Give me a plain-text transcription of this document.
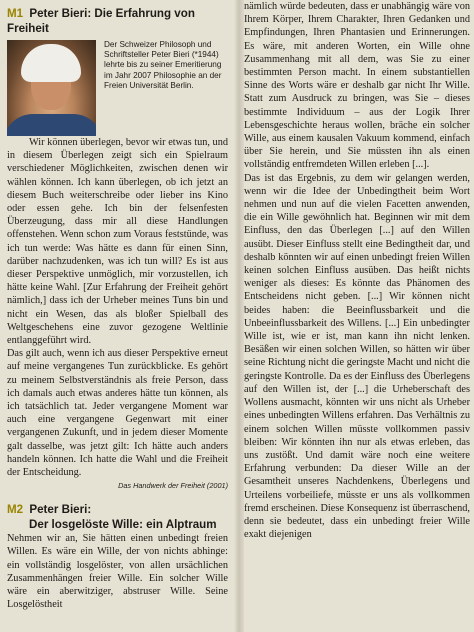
M1 Peter Bieri: Die Erfahrung von Freiheit
Der Schweizer Philosoph und Schriftsteller Peter Bieri (*1944) lehrte bis zu seiner Emeritierung im Jahr 2007 Philosophie an der Freien Universität Berlin.

Wir können überlegen, bevor wir etwas tun, und in diesem Überlegen zeigt sich ein Spielraum verschiedener Möglichkeiten, zwischen denen wir wählen können. Ich kann überlegen, ob ich jetzt an diesem Buch weiterschreibe oder lieber ins Kino oder essen gehe. Ich bin der felsenfesten Überzeugung, dass mir all diese Handlungen offenstehen. Wenn schon zum Voraus feststünde, was ich tun werde: Was hätte es dann für einen Sinn, darüber nachzudenken, was ich tun will? Es ist aus dieser Perspektive unmöglich, mir vorzustellen, ich hätte keine Wahl. [Zur Erfahrung der Freiheit gehört nämlich,] dass ich der Urheber meines Tuns bin und nicht ein Wesen, das als bloßer Spielball des Weltgeschehens eine zuvor gezogene Weltlinie entlanggeführt wird.

Das gilt auch, wenn ich aus dieser Perspektive erneut auf meine vergangenes Tun zurückblicke. Es gehört zu meinem Selbstverständnis als freie Person, dass ich damals auch etwas anderes hätte tun können, als ich tatsächlich tat. Jeder vergangene Moment war auch eine vergangene Gegenwart mit einer vergangenen Zukunft, und in jedem dieser Momente galt dasselbe, was jetzt gilt: Ich hätte auch anders handeln können. Ich hatte die Wahl und die Freiheit der Entscheidung.

Das Handwerk der Freiheit (2001)
M2 Peter Bieri:
Der losgelöste Wille: ein Alptraum

Nehmen wir an, Sie hätten einen unbedingt freien Willen. Es wäre ein Wille, der von nichts abhinge: ein vollständig losgelöster, von allen ursächlichen Zusammenhängen freier Wille. Ein solcher Wille wäre ein aberwitziger, abstruser Wille. Seine Losgelöstheit

nämlich würde bedeuten, dass er unabhängig wäre von Ihrem Körper, Ihrem Charakter, Ihren Gedanken und Empfindungen, Ihren Phantasien und Erinnerungen. Es wäre, mit anderen Worten, ein Wille ohne Zusammenhang mit all dem, was Sie zu einer bestimmten Person macht. In einem substantiellen Sinne des Worts wäre er deshalb gar nicht Ihr Wille. Statt zum Ausdruck zu bringen, was Sie – dieses bestimmte Individuum – aus der Logik Ihrer Lebensgeschichte heraus wollen, bräche ein solcher Wille, aus einem kausalen Vakuum kommend, einfach über Sie herein, und Sie müssten ihn als einen vollständig entfremdeten Willen erleben [...].

Das ist das Ergebnis, zu dem wir gelangen werden, wenn wir die Idee der Unbedingtheit beim Wort nehmen und nun auf die vielen Facetten anwenden, die ein Wille gewöhnlich hat. Beginnen wir mit dem Einfluss, den das Überlegen [...] auf den Willen ausübt. Dieser Einfluss stellt eine Bedingtheit dar, und deshalb könnten wir auf einen unbedingt freien Willen keinen solchen Einfluss ausüben. Das heißt nichts weniger als dieses: Es könnte das Phänomen des Entscheidens nicht geben. [...] Wir können nicht beides haben: die Beeinflussbarkeit und die Unbeeinflussbarkeit des Willens. [...] Ein unbedingter Wille ist, wie er ist, man kann ihn nicht lenken. Besäßen wir einen solchen Willen, so hätten wir über seine Richtung nicht die geringste Macht und nicht die geringste Kontrolle. Da es der Einfluss des Überlegens auf den Willen ist, der [...] die Urheberschaft des Wollens ausmacht, könnten wir uns nicht als Urheber eines unbedingten Willens erfahren. Das Verhältnis zu einem solchen Willen müsste vollkommen passiv bleiben: Wir könnten ihn nur als etwas erleben, das uns zustößt. Und damit wäre noch eine weitere Erfahrung verbunden: Da dieser Wille an der Gesamtheit unseres Nachdenkens, Überlegens und Urteilens vorbeiliefe, müsste er uns als vollkommen fremd erscheinen. Diese Konsequenz ist überraschend, denn sie bedeutet, dass ein unbedingt freier Wille exakt diejenigen
